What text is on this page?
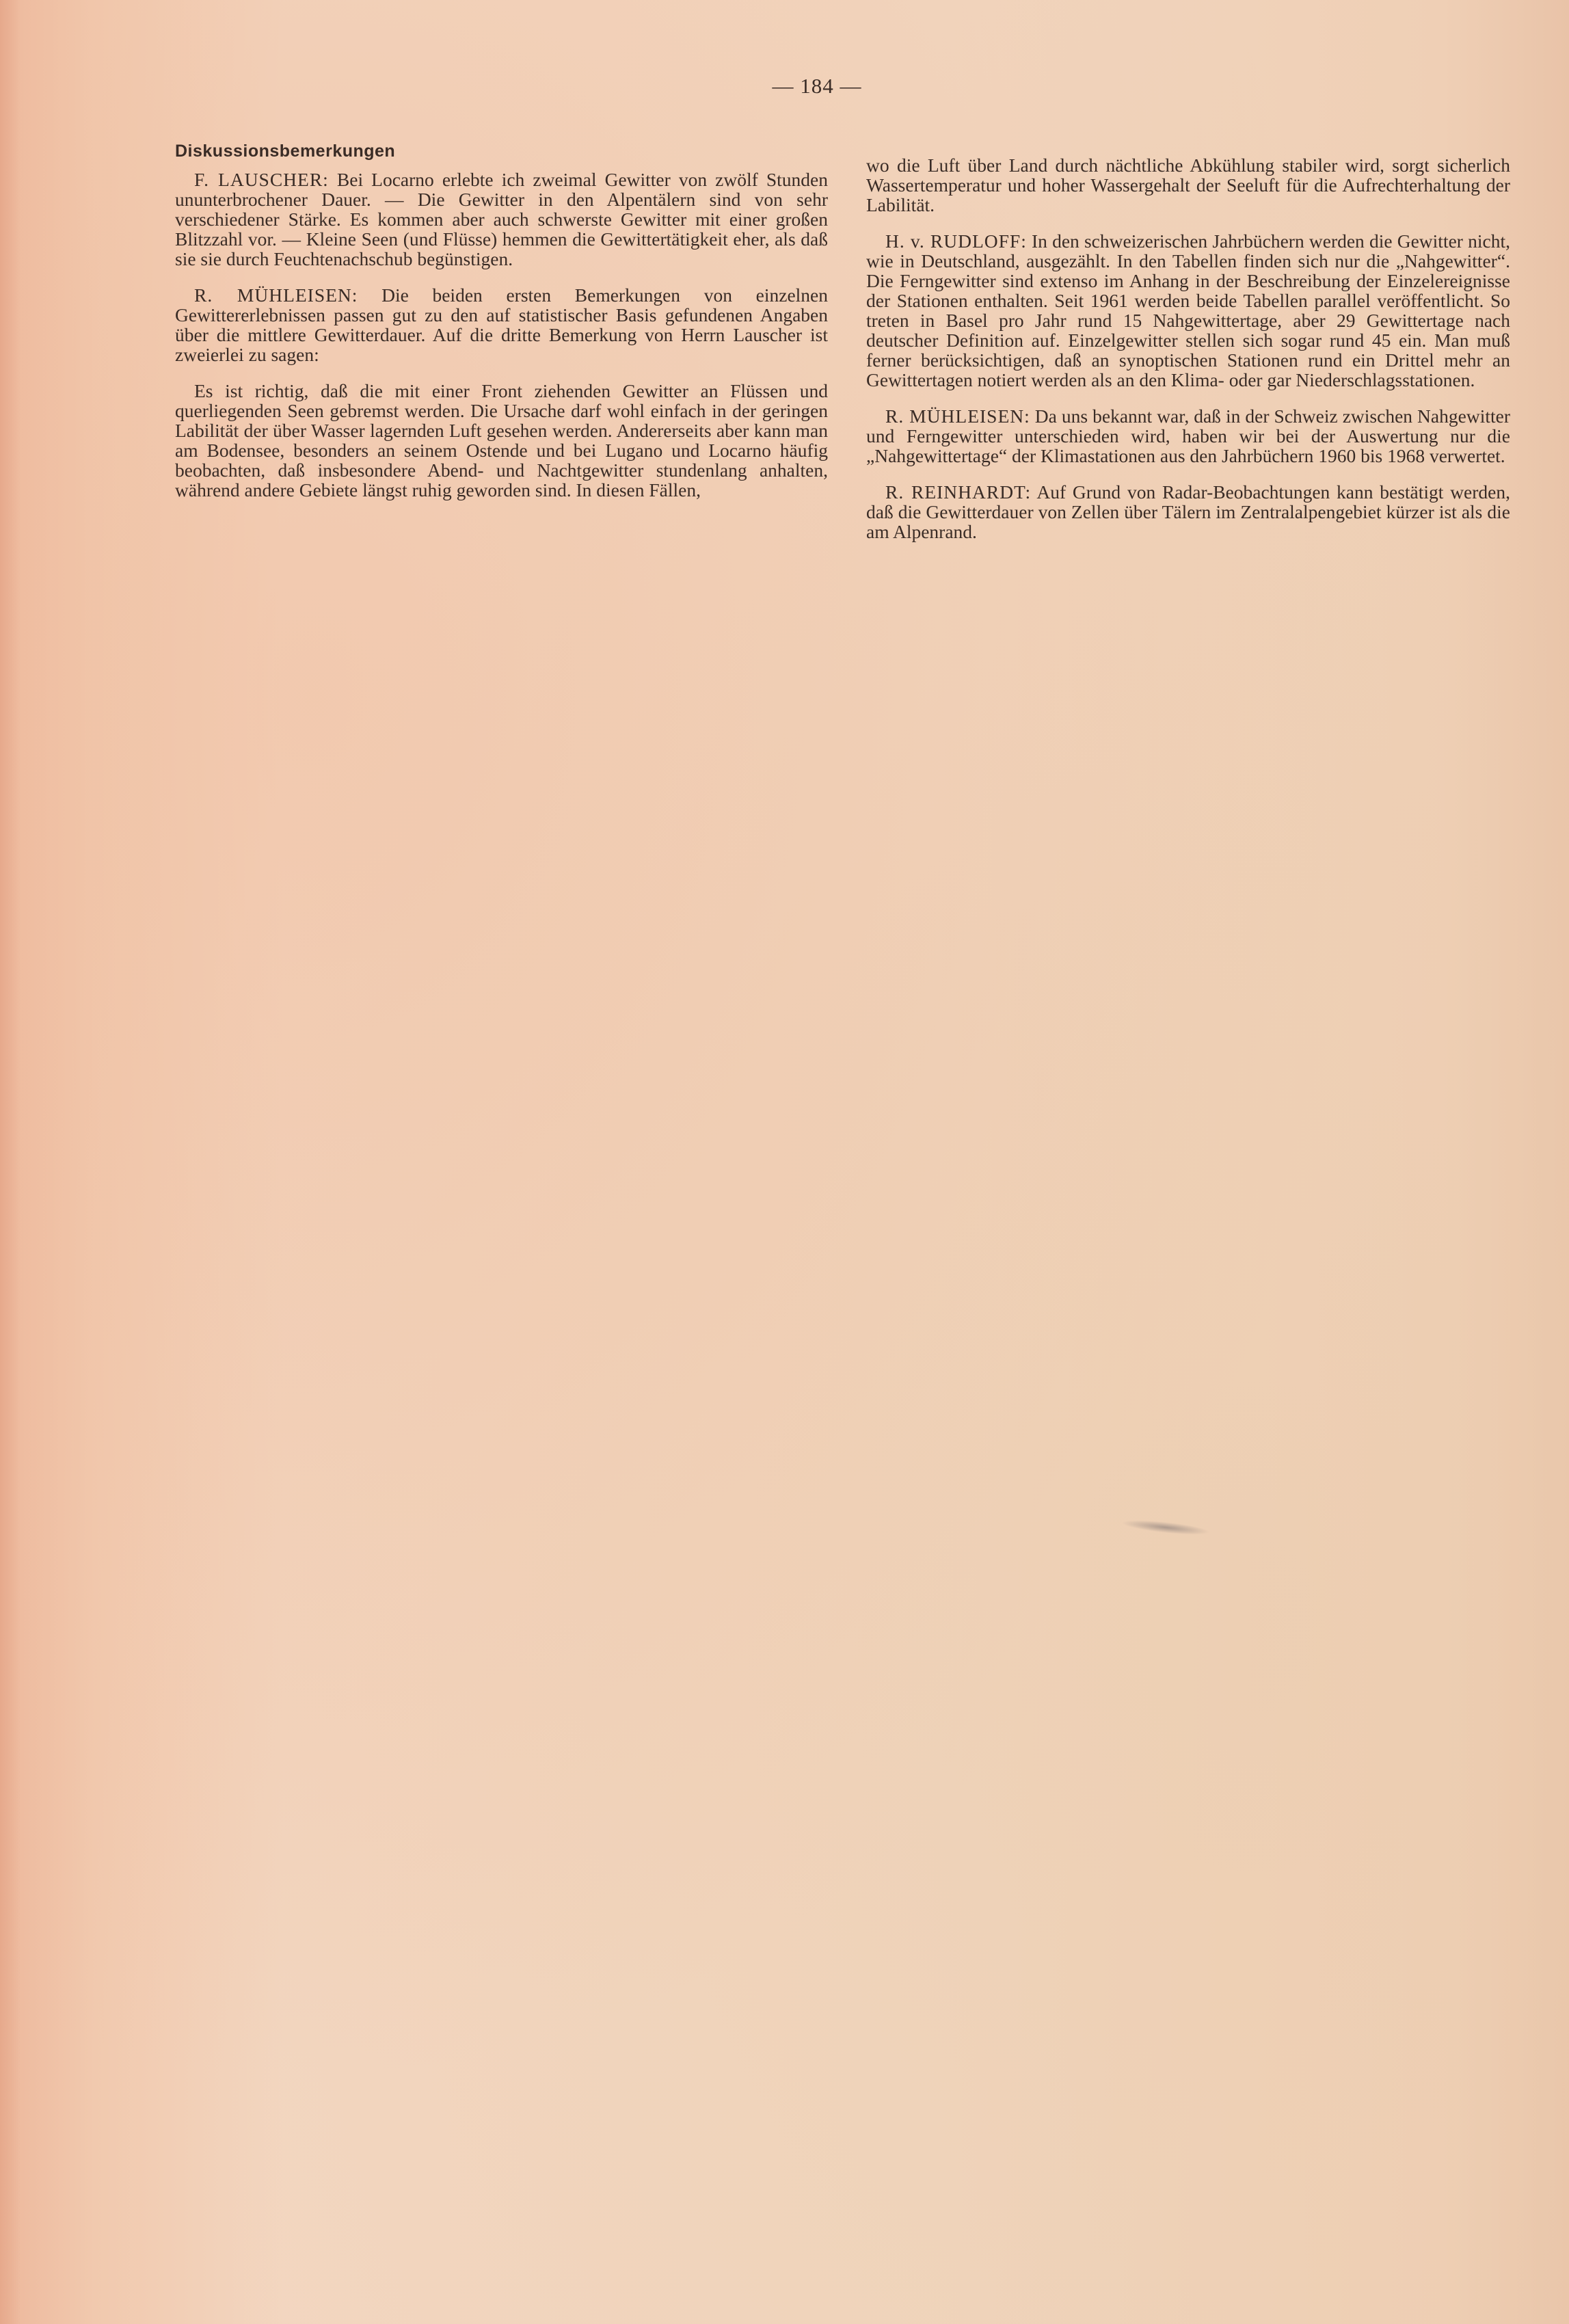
— 184 —
Diskussionsbemerkungen

F. LAUSCHER: Bei Locarno erlebte ich zweimal Gewitter von zwölf Stunden ununterbrochener Dauer. — Die Gewitter in den Alpentälern sind von sehr verschiedener Stärke. Es kommen aber auch schwerste Gewitter mit einer großen Blitzzahl vor. — Kleine Seen (und Flüsse) hemmen die Gewittertätigkeit eher, als daß sie sie durch Feuchtenachschub begünstigen.

R. MÜHLEISEN: Die beiden ersten Bemerkungen von einzelnen Gewittererlebnissen passen gut zu den auf statistischer Basis gefundenen Angaben über die mittlere Gewitterdauer. Auf die dritte Bemerkung von Herrn Lauscher ist zweierlei zu sagen:

Es ist richtig, daß die mit einer Front ziehenden Gewitter an Flüssen und querliegenden Seen gebremst werden. Die Ursache darf wohl einfach in der geringen Labilität der über Wasser lagernden Luft gesehen werden. Andererseits aber kann man am Bodensee, besonders an seinem Ostende und bei Lugano und Locarno häufig beobachten, daß insbesondere Abend- und Nachtgewitter stundenlang anhalten, während andere Gebiete längst ruhig geworden sind. In diesen Fällen,

wo die Luft über Land durch nächtliche Abkühlung stabiler wird, sorgt sicherlich Wassertemperatur und hoher Wassergehalt der Seeluft für die Aufrechterhaltung der Labilität.

H. v. RUDLOFF: In den schweizerischen Jahrbüchern werden die Gewitter nicht, wie in Deutschland, ausgezählt. In den Tabellen finden sich nur die „Nahgewitter“. Die Ferngewitter sind extenso im Anhang in der Beschreibung der Einzelereignisse der Stationen enthalten. Seit 1961 werden beide Tabellen parallel veröffentlicht. So treten in Basel pro Jahr rund 15 Nahgewittertage, aber 29 Gewittertage nach deutscher Definition auf. Einzelgewitter stellen sich sogar rund 45 ein. Man muß ferner berücksichtigen, daß an synoptischen Stationen rund ein Drittel mehr an Gewittertagen notiert werden als an den Klima- oder gar Niederschlagsstationen.

R. MÜHLEISEN: Da uns bekannt war, daß in der Schweiz zwischen Nahgewitter und Ferngewitter unterschieden wird, haben wir bei der Auswertung nur die „Nahgewittertage“ der Klimastationen aus den Jahrbüchern 1960 bis 1968 verwertet.

R. REINHARDT: Auf Grund von Radar-Beobachtungen kann bestätigt werden, daß die Gewitterdauer von Zellen über Tälern im Zentralalpengebiet kürzer ist als die am Alpenrand.
